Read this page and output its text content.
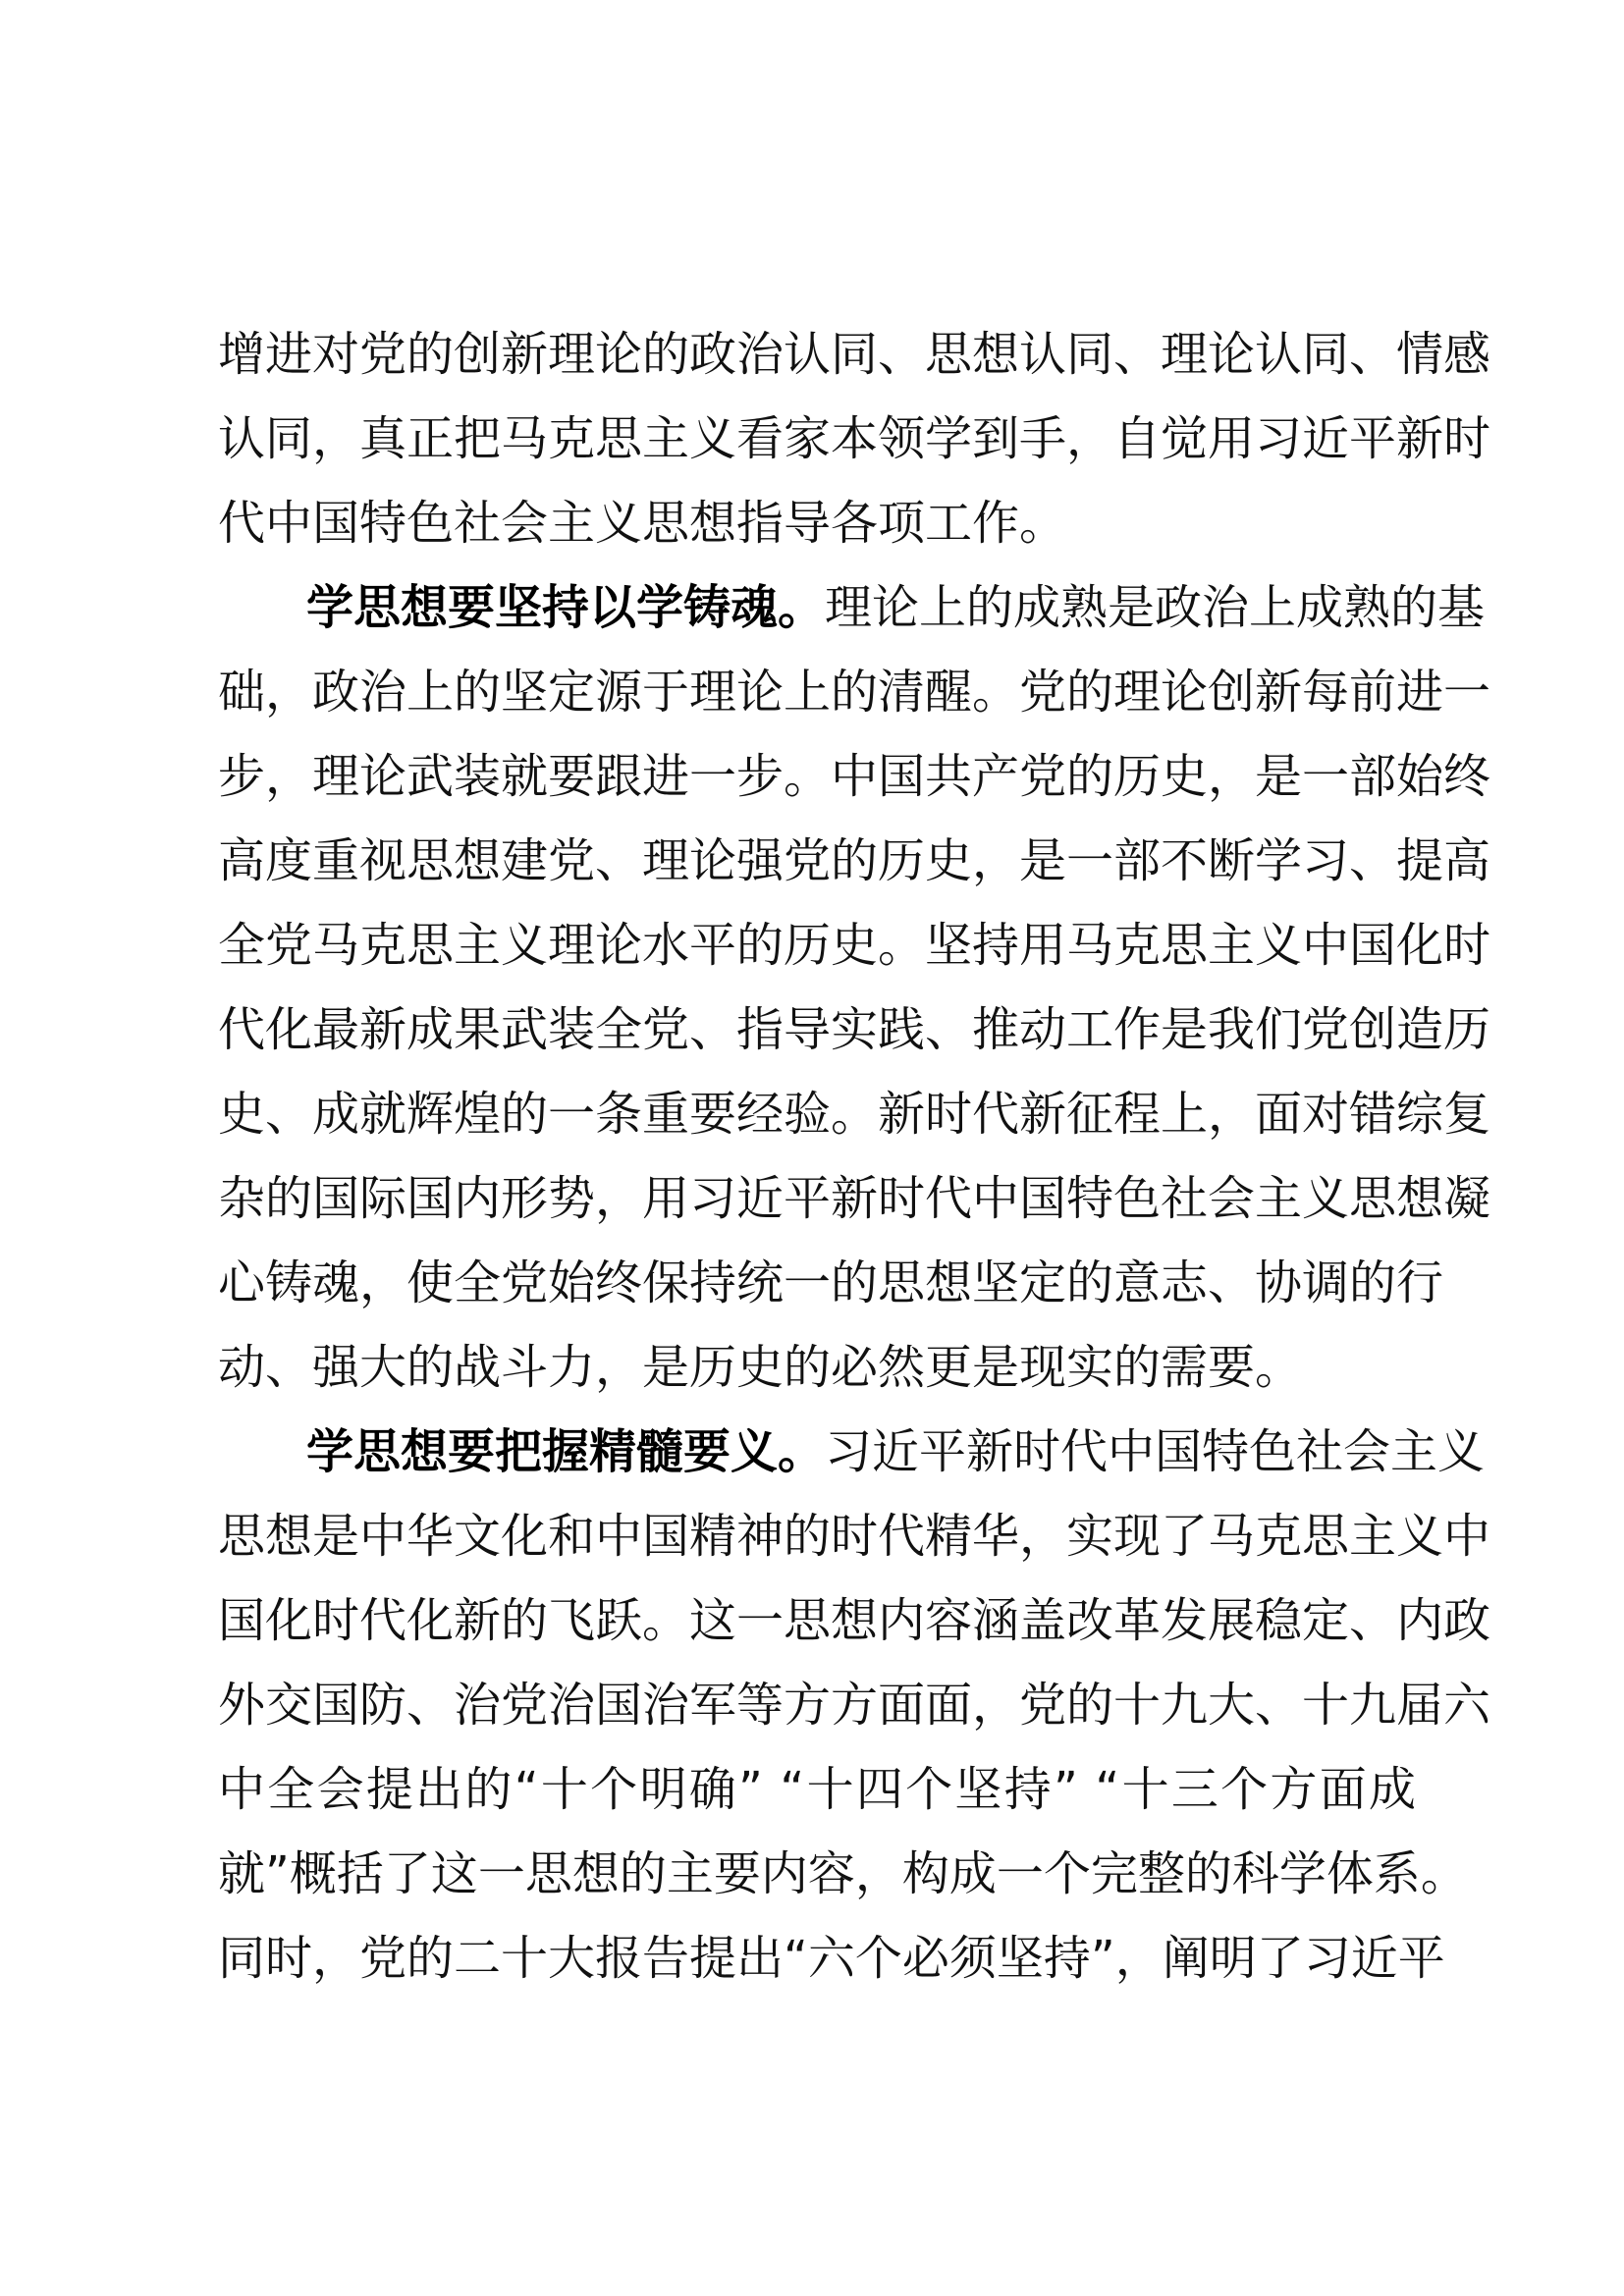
增进对党的创新理论的政治认同、思想认同、理论认同、情感
认同，真正把马克思主义看家本领学到手，自觉用习近平新时
代中国特色社会主义思想指导各项工作。
学思想要坚持以学铸魂。理论上的成熟是政治上成熟的基
础，政治上的坚定源于理论上的清醒。党的理论创新每前进一
步，理论武装就要跟进一步。中国共产党的历史，是一部始终
高度重视思想建党、理论强党的历史，是一部不断学习、提高
全党马克思主义理论水平的历史。坚持用马克思主义中国化时
代化最新成果武装全党、指导实践、推动工作是我们党创造历
史、成就辉煌的一条重要经验。新时代新征程上，面对错综复
杂的国际国内形势，用习近平新时代中国特色社会主义思想凝
心铸魂，使全党始终保持统一的思想坚定的意志、协调的行
动、强大的战斗力，是历史的必然更是现实的需要。
学思想要把握精髓要义。习近平新时代中国特色社会主义
思想是中华文化和中国精神的时代精华，实现了马克思主义中
国化时代化新的飞跃。这一思想内容涵盖改革发展稳定、内政
外交国防、治党治国治军等方方面面，党的十九大、十九届六
中全会提出的“十个明确” “十四个坚持” “十三个方面成
就”概括了这一思想的主要内容，构成一个完整的科学体系。
同时，党的二十大报告提出“六个必须坚持”，阐明了习近平
